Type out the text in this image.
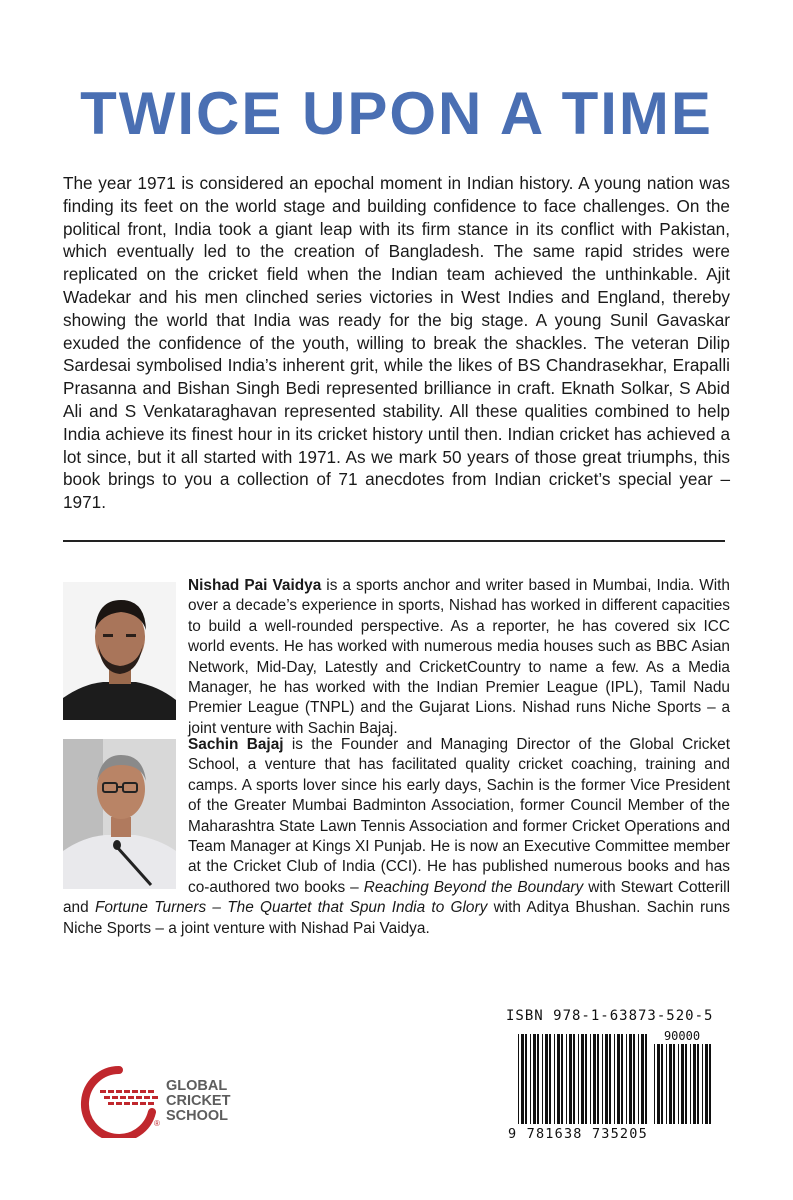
TWICE UPON A TIME

The year 1971 is considered an epochal moment in Indian history. A young nation was finding its feet on the world stage and building confidence to face challenges. On the political front, India took a giant leap with its firm stance in its conflict with Pakistan, which eventually led to the creation of Bangladesh. The same rapid strides were replicated on the cricket field when the Indian team achieved the unthinkable. Ajit Wadekar and his men clinched series victories in West Indies and England, thereby showing the world that India was ready for the big stage. A young Sunil Gavaskar exuded the confidence of the youth, willing to break the shackles. The veteran Dilip Sardesai symbolised India’s inherent grit, while the likes of BS Chandrasekhar, Erapalli Prasanna and Bishan Singh Bedi represented brilliance in craft. Eknath Solkar, S Abid Ali and S Venkataraghavan represented stability. All these qualities combined to help India achieve its finest hour in its cricket history until then. Indian cricket has achieved a lot since, but it all started with 1971. As we mark 50 years of those great triumphs, this book brings to you a collection of 71 anecdotes from Indian cricket’s special year – 1971.

Nishad Pai Vaidya is a sports anchor and writer based in Mumbai, India. With over a decade’s experience in sports, Nishad has worked in different capacities to build a well-rounded perspective. As a reporter, he has covered six ICC world events. He has worked with numerous media houses such as BBC Asian Network, Mid-Day, Latestly and CricketCountry to name a few. As a Media Manager, he has worked with the Indian Premier League (IPL), Tamil Nadu Premier League (TNPL) and the Gujarat Lions. Nishad runs Niche Sports – a joint venture with Sachin Bajaj.

Sachin Bajaj is the Founder and Managing Director of the Global Cricket School, a venture that has facilitated quality cricket coaching, training and camps. A sports lover since his early days, Sachin is the former Vice President of the Greater Mumbai Badminton Association, former Council Member of the Maharashtra State Lawn Tennis Association and former Cricket Operations and Team Manager at Kings XI Punjab. He is now an Executive Committee member at the Cricket Club of India (CCI). He has published numerous books and has co-authored two books – Reaching Beyond the Boundary with Stewart Cotterill and Fortune Turners – The Quartet that Spun India to Glory with Aditya Bhushan. Sachin runs Niche Sports – a joint venture with Nishad Pai Vaidya.

®
GLOBAL
CRICKET
SCHOOL
ISBN 978-1-63873-520-5
90000
9 781638 735205
